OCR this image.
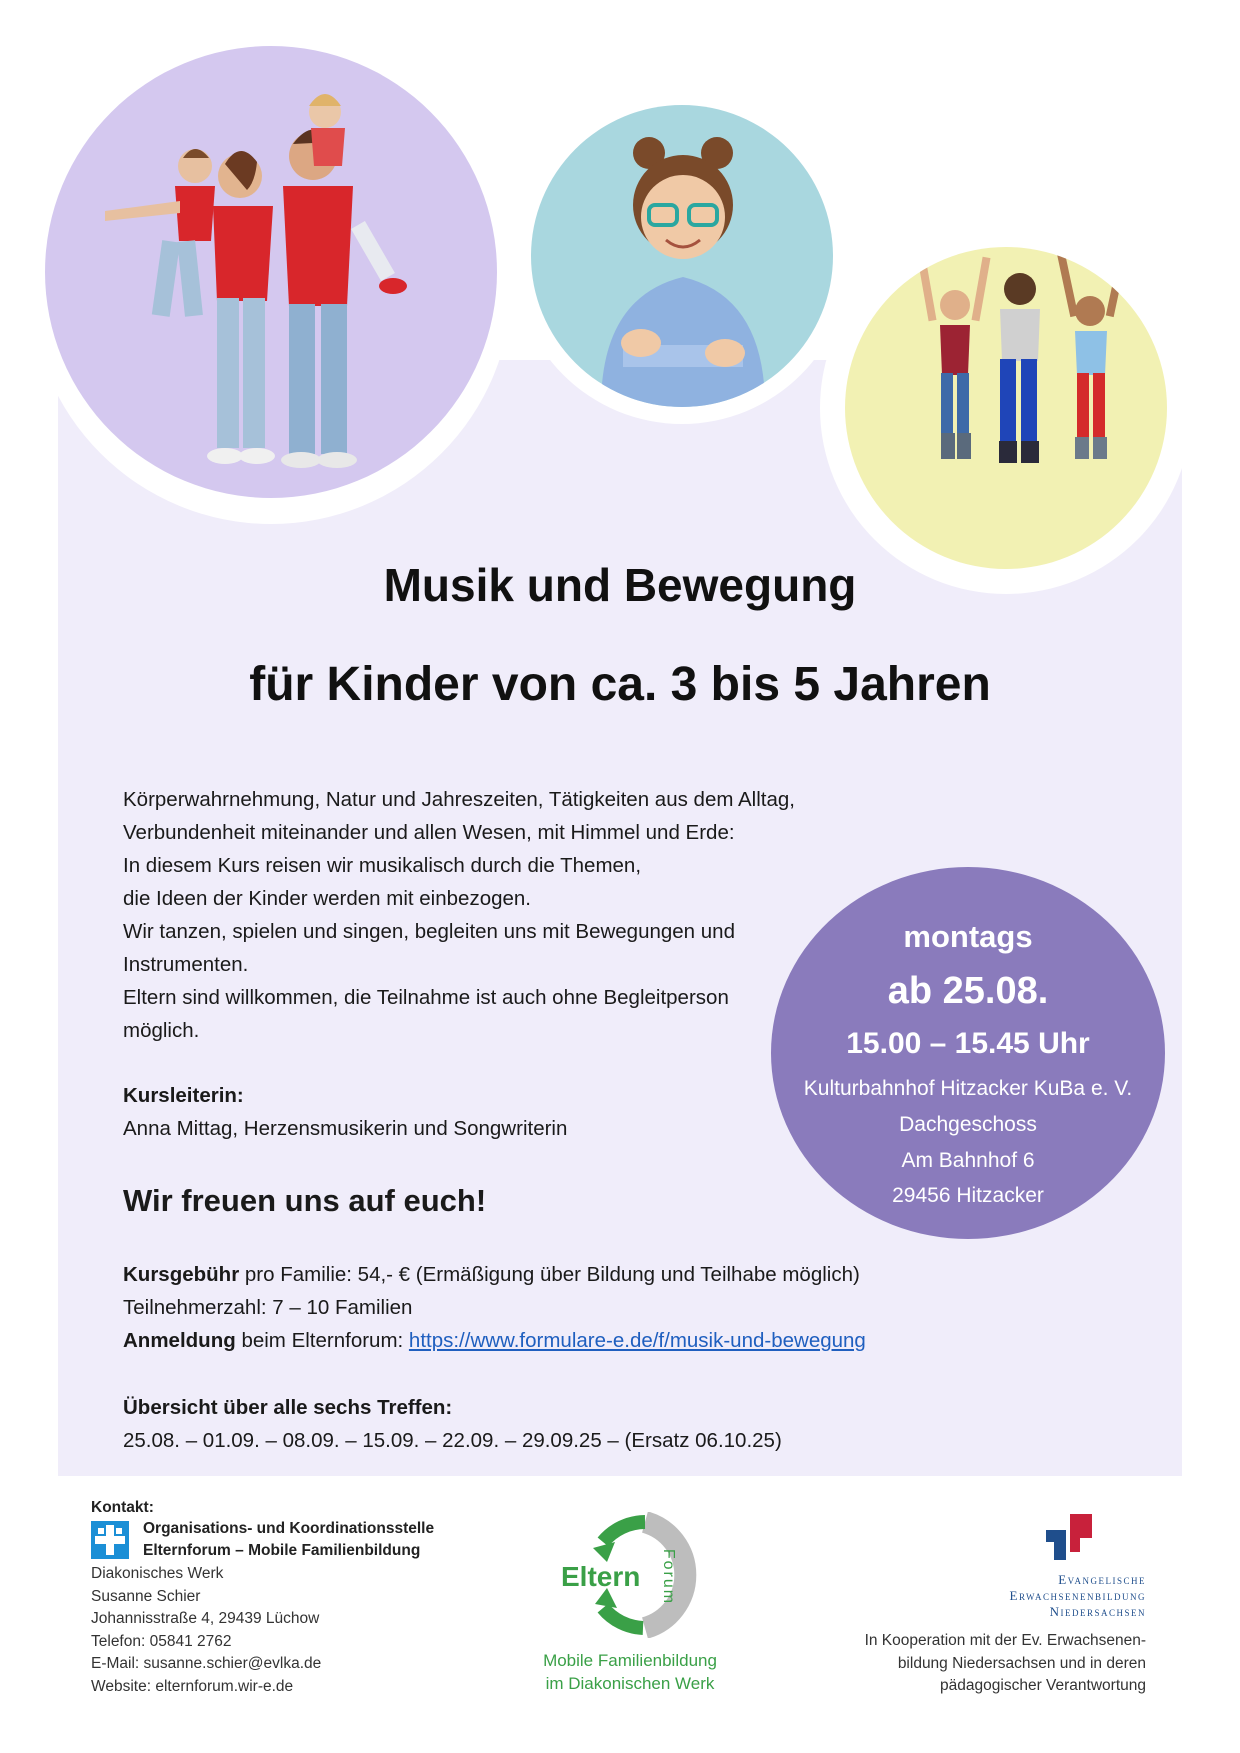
Musik und Bewegung
für Kinder von ca. 3 bis 5 Jahren
Körperwahrnehmung, Natur und Jahreszeiten, Tätigkeiten aus dem Alltag,
Verbundenheit miteinander und allen Wesen, mit Himmel und Erde:
In diesem Kurs reisen wir musikalisch durch die Themen,
die Ideen der Kinder werden mit einbezogen.
Wir tanzen, spielen und singen, begleiten uns mit Bewegungen und
Instrumenten.
Eltern sind willkommen, die Teilnahme ist auch ohne Begleitperson
möglich.
Kursleiterin:
Anna Mittag, Herzensmusikerin und Songwriterin
Wir freuen uns auf euch!
Kursgebühr pro Familie: 54,- € (Ermäßigung über Bildung und Teilhabe möglich)
Teilnehmerzahl: 7 – 10 Familien
Anmeldung beim Elternforum: https://www.formulare-e.de/f/musik-und-bewegung
Übersicht über alle sechs Treffen:
25.08. – 01.09. – 08.09. – 15.09. – 22.09. – 29.09.25 – (Ersatz 06.10.25)
montags
ab 25.08.
15.00 – 15.45 Uhr
Kulturbahnhof Hitzacker KuBa e. V.
Dachgeschoss
Am Bahnhof 6
29456 Hitzacker
Kontakt:
Organisations- und Koordinationsstelle
Elternforum – Mobile Familienbildung
Diakonisches Werk
Susanne Schier
Johannisstraße 4, 29439 Lüchow
Telefon: 05841 2762
E-Mail: susanne.schier@evlka.de
Website: elternforum.wir-e.de
Eltern Forum
Mobile Familienbildung
im Diakonischen Werk
Evangelische
Erwachsenenbildung
Niedersachsen
In Kooperation mit der Ev. Erwachsenen-
bildung Niedersachsen und in deren
pädagogischer Verantwortung
